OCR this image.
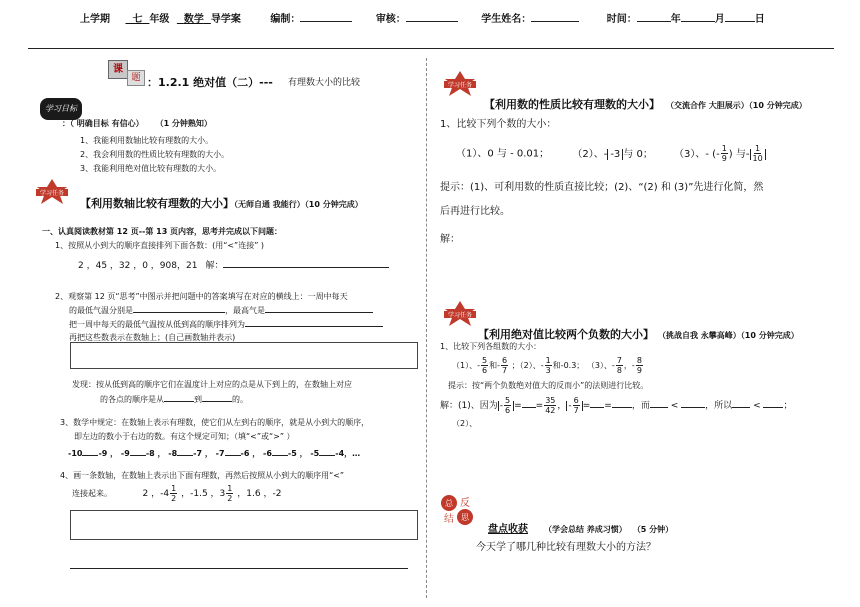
上学期 七 年级 数学 导学案	编制：	审核：	学生姓名：	时间：	年	月	日
课
题 ：1.2.1 绝对值（二）--- 有理数大小的比较
学习目标
：（ 明确目标 有信心） （1 分钟熟知）
1、我能利用数轴比较有理数的大小。
2、我会利用数的性质比较有理数的大小。
3、我能利用绝对值比较有理数的大小。
学习任务
【利用数轴比较有理数的大小】（无师自通 我能行）（10 分钟完成）
一、认真阅读教材第 12 页--第 13 页内容，思考并完成以下问题：
1、按照从小到大的顺序直接排列下面各数：(用“<”连接” )
2 ，45 ，32 ，0 ，908，21 解：
2、观察第 12 页“思考”中图示并把问题中的答案填写在对应的横线上：一周中每天
的最低气温分别是	，最高气是
把一周中每天的最低气温按从低到高的顺序排列为
再把这些数表示在数轴上；(自己画数轴并表示)
发现：按从低到高的顺序它们在温度计上对应的点是从下到上的，在数轴上对应
的各点的顺序是从	到	的。
3、数学中规定：在数轴上表示有理数，使它们从左到右的顺序，就是从小到大的顺序，
即左边的数小于右边的数。有这个规定可知；（填“<”或“>” ）
-10 -9 ， -9 -8 ， -8 -7 ， -7 -6 ， -6 -5 ， -5 -4，…
4、画一条数轴，在数轴上表示出下面有理数，再然后按照从小到大的顺序用“<”
连接起来。	2 ，$-4 \frac{1}{2}$ ，-1.5 ，$3 \frac{1}{2}$ ，1.6 ，-2
学习任务
【利用数的性质比较有理数的大小】 （交流合作 大胆展示）（10 分钟完成）
1、比较下列个数的大小：
（1）、0 与 - 0.01； （2）、- -3 与 0； （3）、- (- $\frac{1}{9}$ ) 与- $\frac{1}{10}$
提示：(1)、可利用数的性质直接比较；(2)、“(2) 和 (3)”先进行化简，然
后再进行比较。
解：
学习任务
【利用绝对值比较两个负数的大小】 （挑战自我 永攀高峰）（10 分钟完成）
1、比较下列各组数的大小：
（1）、- $\frac{5}{6}$ 和- $\frac{6}{7}$ ；（2）、- $\frac{1}{3}$ 和-0.3； （3）、- $\frac{7}{8}$ ，- $\frac{8}{9}$
提示：按“两个负数绝对值大的反而小”的法则进行比较。
解：(1)、因为 - $\frac{5}{6}$ = = $\frac{35}{42}$ ， - $\frac{6}{7}$ = = ，而 <	，所以 <	；
（2）、
总 反
结 思
盘点收获 （学会总结 养成习惯） （5 分钟）
今天学了哪几种比较有理数大小的方法？
